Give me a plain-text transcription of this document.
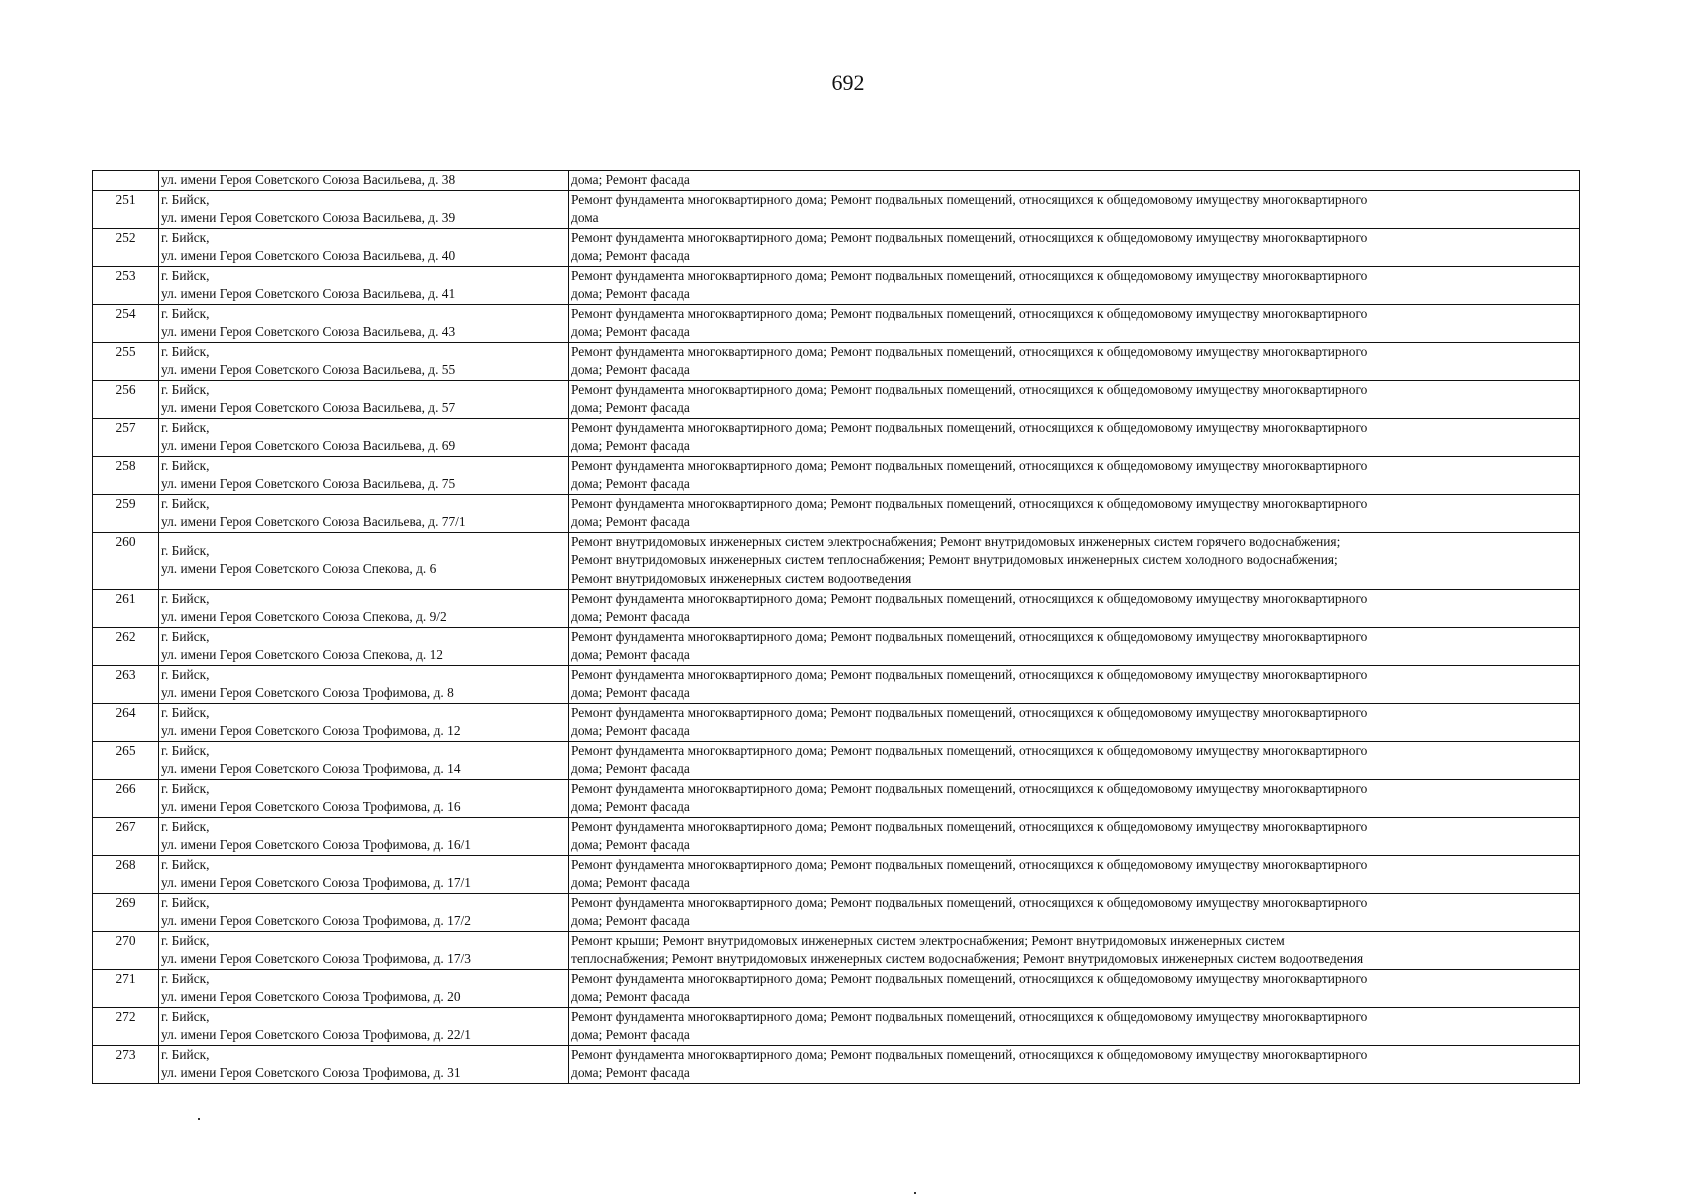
692
	ул. имени Героя Советского Союза Васильева, д. 38	дома; Ремонт фасада
251	г. Бийск,
ул. имени Героя Советского Союза Васильева, д. 39	Ремонт фундамента многоквартирного дома; Ремонт подвальных помещений, относящихся к общедомовому имуществу многоквартирного
дома

252	г. Бийск,
ул. имени Героя Советского Союза Васильева, д. 40	Ремонт фундамента многоквартирного дома; Ремонт подвальных помещений, относящихся к общедомовому имуществу многоквартирного
дома; Ремонт фасада

253	г. Бийск,
ул. имени Героя Советского Союза Васильева, д. 41	Ремонт фундамента многоквартирного дома; Ремонт подвальных помещений, относящихся к общедомовому имуществу многоквартирного
дома; Ремонт фасада

254	г. Бийск,
ул. имени Героя Советского Союза Васильева, д. 43	Ремонт фундамента многоквартирного дома; Ремонт подвальных помещений, относящихся к общедомовому имуществу многоквартирного
дома; Ремонт фасада

255	г. Бийск,
ул. имени Героя Советского Союза Васильева, д. 55	Ремонт фундамента многоквартирного дома; Ремонт подвальных помещений, относящихся к общедомовому имуществу многоквартирного
дома; Ремонт фасада

256	г. Бийск,
ул. имени Героя Советского Союза Васильева, д. 57	Ремонт фундамента многоквартирного дома; Ремонт подвальных помещений, относящихся к общедомовому имуществу многоквартирного
дома; Ремонт фасада

257	г. Бийск,
ул. имени Героя Советского Союза Васильева, д. 69	Ремонт фундамента многоквартирного дома; Ремонт подвальных помещений, относящихся к общедомовому имуществу многоквартирного
дома; Ремонт фасада

258	г. Бийск,
ул. имени Героя Советского Союза Васильева, д. 75	Ремонт фундамента многоквартирного дома; Ремонт подвальных помещений, относящихся к общедомовому имуществу многоквартирного
дома; Ремонт фасада

259	г. Бийск,
ул. имени Героя Советского Союза Васильева, д. 77/1	Ремонт фундамента многоквартирного дома; Ремонт подвальных помещений, относящихся к общедомовому имуществу многоквартирного
дома; Ремонт фасада

260	г. Бийск,
ул. имени Героя Советского Союза Спекова, д. 6	Ремонт внутридомовых инженерных систем электроснабжения; Ремонт внутридомовых инженерных систем горячего водоснабжения;
Ремонт внутридомовых инженерных систем теплоснабжения; Ремонт внутридомовых инженерных систем холодного водоснабжения;
Ремонт внутридомовых инженерных систем водоотведения

261	г. Бийск,
ул. имени Героя Советского Союза Спекова, д. 9/2	Ремонт фундамента многоквартирного дома; Ремонт подвальных помещений, относящихся к общедомовому имуществу многоквартирного
дома; Ремонт фасада

262	г. Бийск,
ул. имени Героя Советского Союза Спекова, д. 12	Ремонт фундамента многоквартирного дома; Ремонт подвальных помещений, относящихся к общедомовому имуществу многоквартирного
дома; Ремонт фасада

263	г. Бийск,
ул. имени Героя Советского Союза Трофимова, д. 8	Ремонт фундамента многоквартирного дома; Ремонт подвальных помещений, относящихся к общедомовому имуществу многоквартирного
дома; Ремонт фасада

264	г. Бийск,
ул. имени Героя Советского Союза Трофимова, д. 12	Ремонт фундамента многоквартирного дома; Ремонт подвальных помещений, относящихся к общедомовому имуществу многоквартирного
дома; Ремонт фасада

265	г. Бийск,
ул. имени Героя Советского Союза Трофимова, д. 14	Ремонт фундамента многоквартирного дома; Ремонт подвальных помещений, относящихся к общедомовому имуществу многоквартирного
дома; Ремонт фасада

266	г. Бийск,
ул. имени Героя Советского Союза Трофимова, д. 16	Ремонт фундамента многоквартирного дома; Ремонт подвальных помещений, относящихся к общедомовому имуществу многоквартирного
дома; Ремонт фасада

267	г. Бийск,
ул. имени Героя Советского Союза Трофимова, д. 16/1	Ремонт фундамента многоквартирного дома; Ремонт подвальных помещений, относящихся к общедомовому имуществу многоквартирного
дома; Ремонт фасада

268	г. Бийск,
ул. имени Героя Советского Союза Трофимова, д. 17/1	Ремонт фундамента многоквартирного дома; Ремонт подвальных помещений, относящихся к общедомовому имуществу многоквартирного
дома; Ремонт фасада

269	г. Бийск,
ул. имени Героя Советского Союза Трофимова, д. 17/2	Ремонт фундамента многоквартирного дома; Ремонт подвальных помещений, относящихся к общедомовому имуществу многоквартирного
дома; Ремонт фасада

270	г. Бийск,
ул. имени Героя Советского Союза Трофимова, д. 17/3	Ремонт крыши; Ремонт внутридомовых инженерных систем электроснабжения; Ремонт внутридомовых инженерных систем
теплоснабжения; Ремонт внутридомовых инженерных систем водоснабжения; Ремонт внутридомовых инженерных систем водоотведения

271	г. Бийск,
ул. имени Героя Советского Союза Трофимова, д. 20	Ремонт фундамента многоквартирного дома; Ремонт подвальных помещений, относящихся к общедомовому имуществу многоквартирного
дома; Ремонт фасада

272	г. Бийск,
ул. имени Героя Советского Союза Трофимова, д. 22/1	Ремонт фундамента многоквартирного дома; Ремонт подвальных помещений, относящихся к общедомовому имуществу многоквартирного
дома; Ремонт фасада

273	г. Бийск,
ул. имени Героя Советского Союза Трофимова, д. 31	Ремонт фундамента многоквартирного дома; Ремонт подвальных помещений, относящихся к общедомовому имуществу многоквартирного
дома; Ремонт фасада
